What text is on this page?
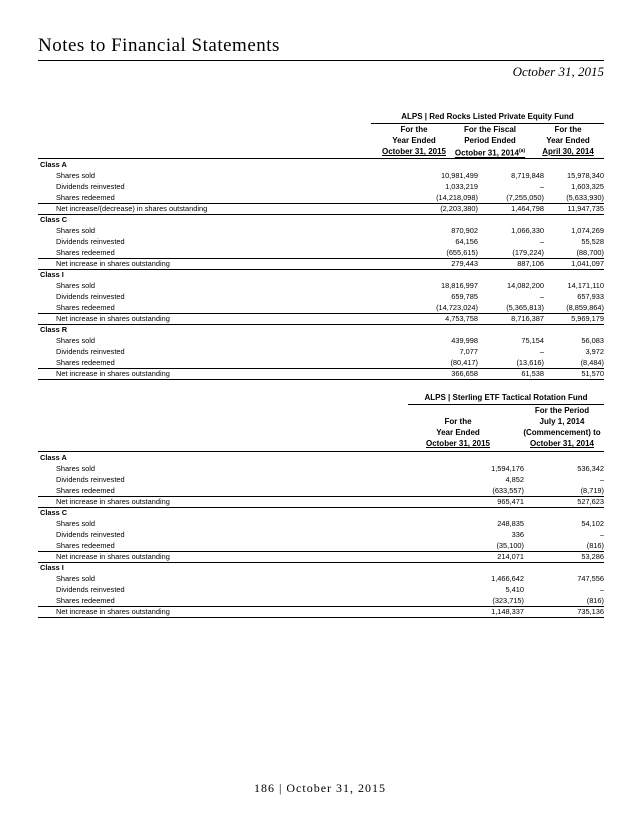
Notes to Financial Statements
October 31, 2015
ALPS | Red Rocks Listed Private Equity Fund
For the
Year Ended
October 31, 2015
For the Fiscal
Period Ended
October 31, 2014$^{(a)}$
For the
Year Ended
April 30, 2014
Class A
Shares sold	10,981,499	8,719,848	15,978,340
Dividends reinvested	1,033,219	–	1,603,325
Shares redeemed	(14,218,098)	(7,255,050)	(5,633,930)
Net increase/(decrease) in shares outstanding	(2,203,380)	1,464,798	11,947,735
Class C
Shares sold	870,902	1,066,330	1,074,269
Dividends reinvested	64,156	–	55,528
Shares redeemed	(655,615)	(179,224)	(88,700)
Net increase in shares outstanding	279,443	887,106	1,041,097
Class I
Shares sold	18,816,997	14,082,200	14,171,110
Dividends reinvested	659,785	–	657,933
Shares redeemed	(14,723,024)	(5,365,813)	(8,859,864)
Net increase in shares outstanding	4,753,758	8,716,387	5,969,179
Class R
Shares sold	439,998	75,154	56,083
Dividends reinvested	7,077	–	3,972
Shares redeemed	(80,417)	(13,616)	(8,484)
Net increase in shares outstanding	366,658	61,538	51,570
ALPS | Sterling ETF Tactical Rotation Fund
For the
Year Ended
October 31, 2015
For the Period
July 1, 2014
(Commencement) to
October 31, 2014
Class A
Shares sold	1,594,176	536,342
Dividends reinvested	4,852	–
Shares redeemed	(633,557)	(8,719)
Net increase in shares outstanding	965,471	527,623
Class C
Shares sold	248,835	54,102
Dividends reinvested	336	–
Shares redeemed	(35,100)	(816)
Net increase in shares outstanding	214,071	53,286
Class I
Shares sold	1,466,642	747,556
Dividends reinvested	5,410	–
Shares redeemed	(323,715)	(816)
Net increase in shares outstanding	1,148,337	735,136
186 | October 31, 2015
